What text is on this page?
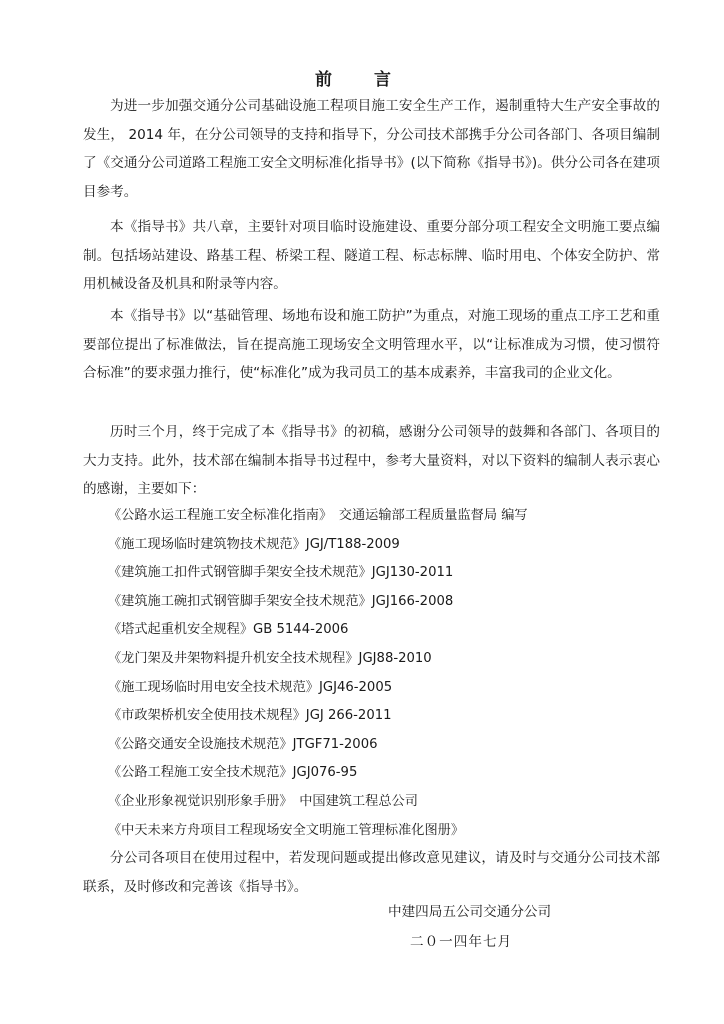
前 言

为进一步加强交通分公司基础设施工程项目施工安全生产工作，遏制重特大生产安全事故的发生， 2014 年，在分公司领导的支持和指导下，分公司技术部携手分公司各部门、各项目编制了《交通分公司道路工程施工安全文明标准化指导书》(以下简称《指导书》)。供分公司各在建项目参考。

本《指导书》共八章，主要针对项目临时设施建设、重要分部分项工程安全文明施工要点编制。包括场站建设、路基工程、桥梁工程、隧道工程、标志标牌、临时用电、个体安全防护、常用机械设备及机具和附录等内容。

本《指导书》以“基础管理、场地布设和施工防护”为重点，对施工现场的重点工序工艺和重要部位提出了标准做法，旨在提高施工现场安全文明管理水平，以“让标准成为习惯，使习惯符合标准”的要求强力推行，使“标准化”成为我司员工的基本成素养，丰富我司的企业文化。

历时三个月，终于完成了本《指导书》的初稿，感谢分公司领导的鼓舞和各部门、各项目的大力支持。此外，技术部在编制本指导书过程中，参考大量资料，对以下资料的编制人表示衷心的感谢，主要如下：

《公路水运工程施工安全标准化指南》　交通运输部工程质量监督局 编写
《施工现场临时建筑物技术规范》JGJ/T188-2009
《建筑施工扣件式钢管脚手架安全技术规范》JGJ130-2011
《建筑施工碗扣式钢管脚手架安全技术规范》JGJ166-2008
《塔式起重机安全规程》GB 5144-2006
《龙门架及井架物料提升机安全技术规程》JGJ88-2010
《施工现场临时用电安全技术规范》JGJ46-2005
《市政架桥机安全使用技术规程》JGJ 266-2011
《公路交通安全设施技术规范》JTGF71-2006
《公路工程施工安全技术规范》JGJ076-95
《企业形象视觉识别形象手册》　中国建筑工程总公司
《中天未来方舟项目工程现场安全文明施工管理标准化图册》

分公司各项目在使用过程中，若发现问题或提出修改意见建议，请及时与交通分公司技术部联系，及时修改和完善该《指导书》。

中建四局五公司交通分公司
二０一四年七月
